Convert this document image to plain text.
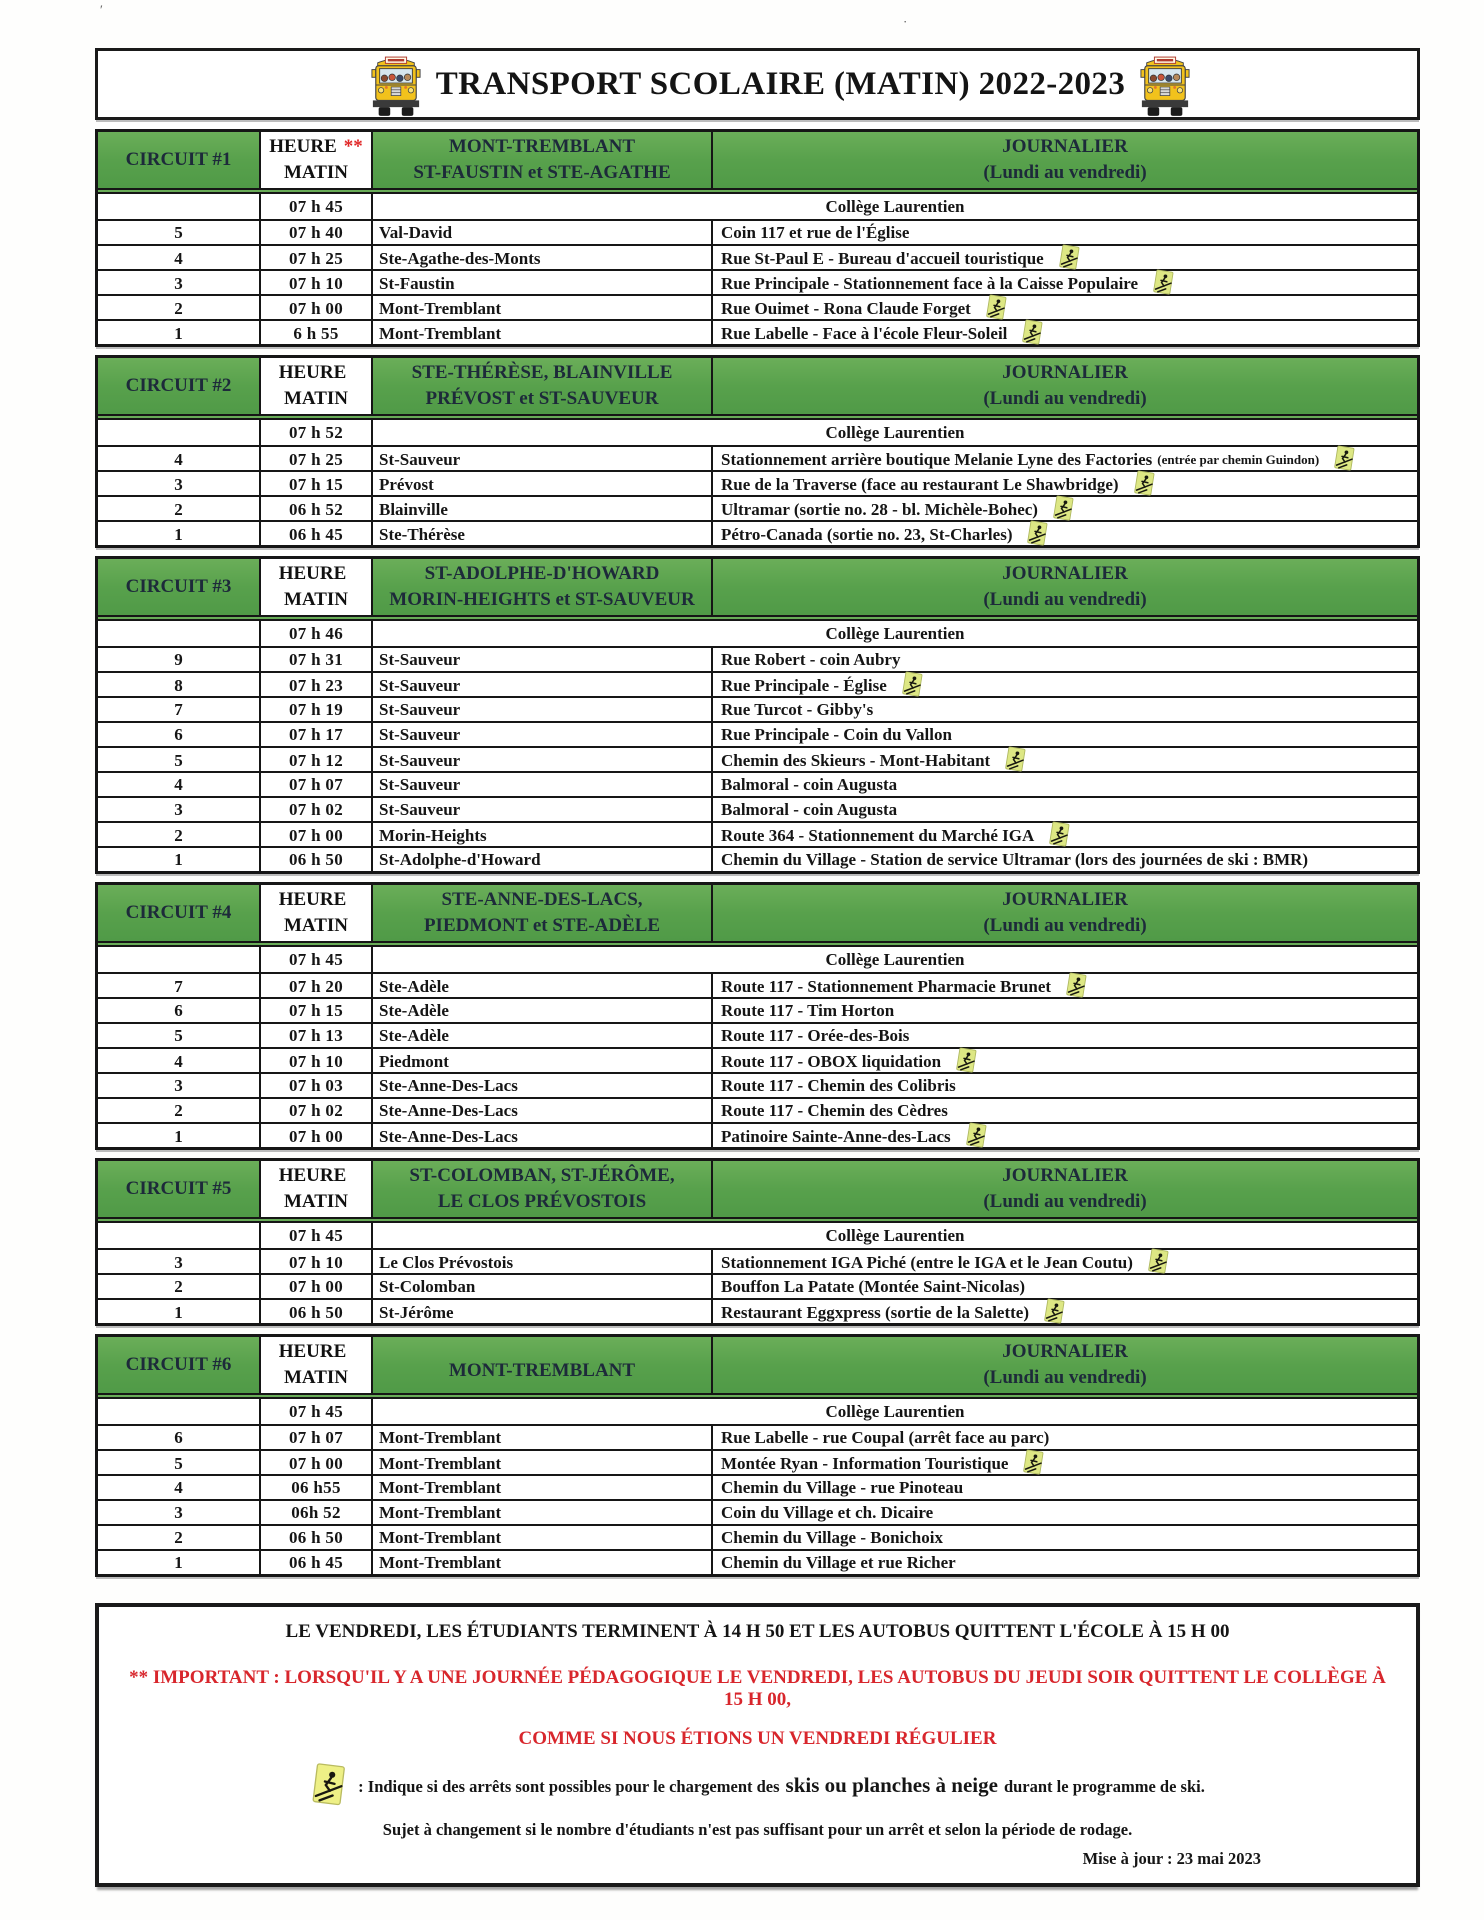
′
·
TRANSPORT SCOLAIRE (MATIN) 2022-2023
CIRCUIT #1
HEURE **
MATIN
MONT-TREMBLANT
ST-FAUSTIN et STE-AGATHE
JOURNALIER
(Lundi au vendredi)
07 h 45	Collège Laurentien
5	07 h 40	Val-David	Coin 117 et rue de l'Église
4	07 h 25	Ste-Agathe-des-Monts	Rue St-Paul E - Bureau d'accueil touristique
3	07 h 10	St-Faustin	Rue Principale - Stationnement face à la Caisse Populaire
2	07 h 00	Mont-Tremblant	Rue Ouimet - Rona Claude Forget
1	6 h 55	Mont-Tremblant	Rue Labelle - Face à l'école Fleur-Soleil
CIRCUIT #2
HEURE
MATIN
STE-THÉRÈSE, BLAINVILLE
PRÉVOST et ST-SAUVEUR
JOURNALIER
(Lundi au vendredi)
07 h 52	Collège Laurentien
4	07 h 25	St-Sauveur	Stationnement arrière boutique Melanie Lyne des Factories (entrée par chemin Guindon)
3	07 h 15	Prévost	Rue de la Traverse (face au restaurant Le Shawbridge)
2	06 h 52	Blainville	Ultramar (sortie no. 28 - bl. Michèle-Bohec)
1	06 h 45	Ste-Thérèse	Pétro-Canada (sortie no. 23, St-Charles)
CIRCUIT #3
HEURE
MATIN
ST-ADOLPHE-D'HOWARD
MORIN-HEIGHTS et ST-SAUVEUR
JOURNALIER
(Lundi au vendredi)
07 h 46	Collège Laurentien
9	07 h 31	St-Sauveur	Rue Robert - coin Aubry
8	07 h 23	St-Sauveur	Rue Principale - Église
7	07 h 19	St-Sauveur	Rue Turcot - Gibby's
6	07 h 17	St-Sauveur	Rue Principale - Coin du Vallon
5	07 h 12	St-Sauveur	Chemin des Skieurs - Mont-Habitant
4	07 h 07	St-Sauveur	Balmoral - coin Augusta
3	07 h 02	St-Sauveur	Balmoral - coin Augusta
2	07 h 00	Morin-Heights	Route 364 - Stationnement du Marché IGA
1	06 h 50	St-Adolphe-d'Howard	Chemin du Village - Station de service Ultramar (lors des journées de ski : BMR)
CIRCUIT #4
HEURE
MATIN
STE-ANNE-DES-LACS,
PIEDMONT et STE-ADÈLE
JOURNALIER
(Lundi au vendredi)
07 h 45	Collège Laurentien
7	07 h 20	Ste-Adèle	Route 117 - Stationnement Pharmacie Brunet
6	07 h 15	Ste-Adèle	Route 117 - Tim Horton
5	07 h 13	Ste-Adèle	Route 117 - Orée-des-Bois
4	07 h 10	Piedmont	Route 117 - OBOX liquidation
3	07 h 03	Ste-Anne-Des-Lacs	Route 117 - Chemin des Colibris
2	07 h 02	Ste-Anne-Des-Lacs	Route 117 - Chemin des Cèdres
1	07 h 00	Ste-Anne-Des-Lacs	Patinoire Sainte-Anne-des-Lacs
CIRCUIT #5
HEURE
MATIN
ST-COLOMBAN, ST-JÉRÔME,
LE CLOS PRÉVOSTOIS
JOURNALIER
(Lundi au vendredi)
07 h 45	Collège Laurentien
3	07 h 10	Le Clos Prévostois	Stationnement IGA Piché (entre le IGA et le Jean Coutu)
2	07 h 00	St-Colomban	Bouffon La Patate (Montée Saint-Nicolas)
1	06 h 50	St-Jérôme	Restaurant Eggxpress (sortie de la Salette)
CIRCUIT #6
HEURE
MATIN	MONT-TREMBLANT
JOURNALIER
(Lundi au vendredi)
07 h 45	Collège Laurentien
6	07 h 07	Mont-Tremblant	Rue Labelle - rue Coupal (arrêt face au parc)
5	07 h 00	Mont-Tremblant	Montée Ryan - Information Touristique
4	06 h55	Mont-Tremblant	Chemin du Village - rue Pinoteau
3	06h 52	Mont-Tremblant	Coin du Village et ch. Dicaire
2	06 h 50	Mont-Tremblant	Chemin du Village - Bonichoix
1	06 h 45	Mont-Tremblant	Chemin du Village et rue Richer

LE VENDREDI, LES ÉTUDIANTS TERMINENT À 14 H 50 ET LES AUTOBUS QUITTENT L'ÉCOLE À 15 H 00

** IMPORTANT : LORSQU'IL Y A UNE JOURNÉE PÉDAGOGIQUE LE VENDREDI, LES AUTOBUS DU JEUDI SOIR QUITTENT LE COLLÈGE À 15 H 00,

COMME SI NOUS ÉTIONS UN VENDREDI RÉGULIER

: Indique si des arrêts sont possibles pour le chargement des skis ou planches à neige durant le programme de ski.

Sujet à changement si le nombre d'étudiants n'est pas suffisant pour un arrêt et selon la période de rodage.

Mise à jour : 23 mai 2023
